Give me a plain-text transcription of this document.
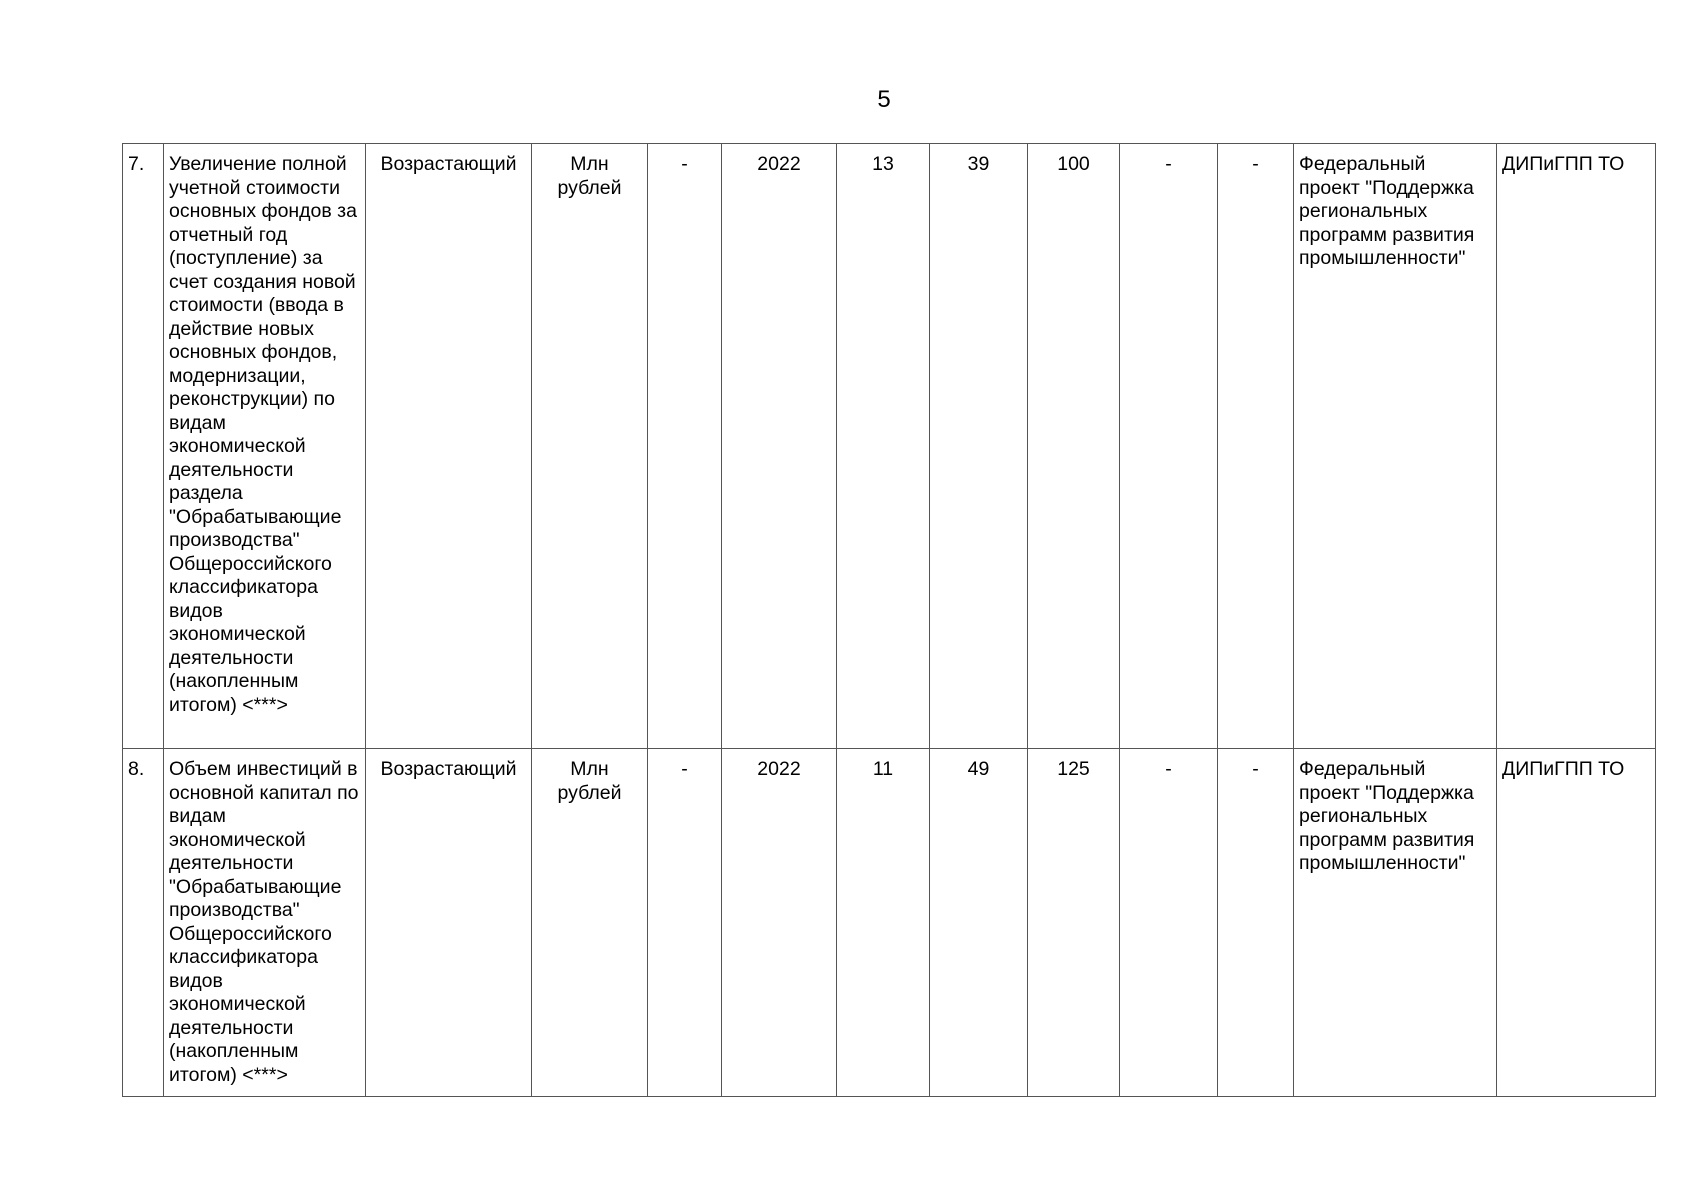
5
7.	Увеличение полной учетной стоимости основных фондов за отчетный год (поступление) за счет создания новой стоимости (ввода в действие новых основных фондов, модернизации, реконструкции) по видам экономической деятельности раздела "Обрабатывающие производства" Общероссийского классификатора видов экономической деятельности (накопленным итогом) <***>	Возрастающий	Млн рублей	-	2022	13	39	100	-	-	Федеральный проект "Поддержка региональных программ развития промышленности"	ДИПиГПП ТО
8.	Объем инвестиций в основной капитал по видам экономической деятельности "Обрабатывающие производства" Общероссийского классификатора видов экономической деятельности (накопленным итогом) <***>	Возрастающий	Млн рублей	-	2022	11	49	125	-	-	Федеральный проект "Поддержка региональных программ развития промышленности"	ДИПиГПП ТО
